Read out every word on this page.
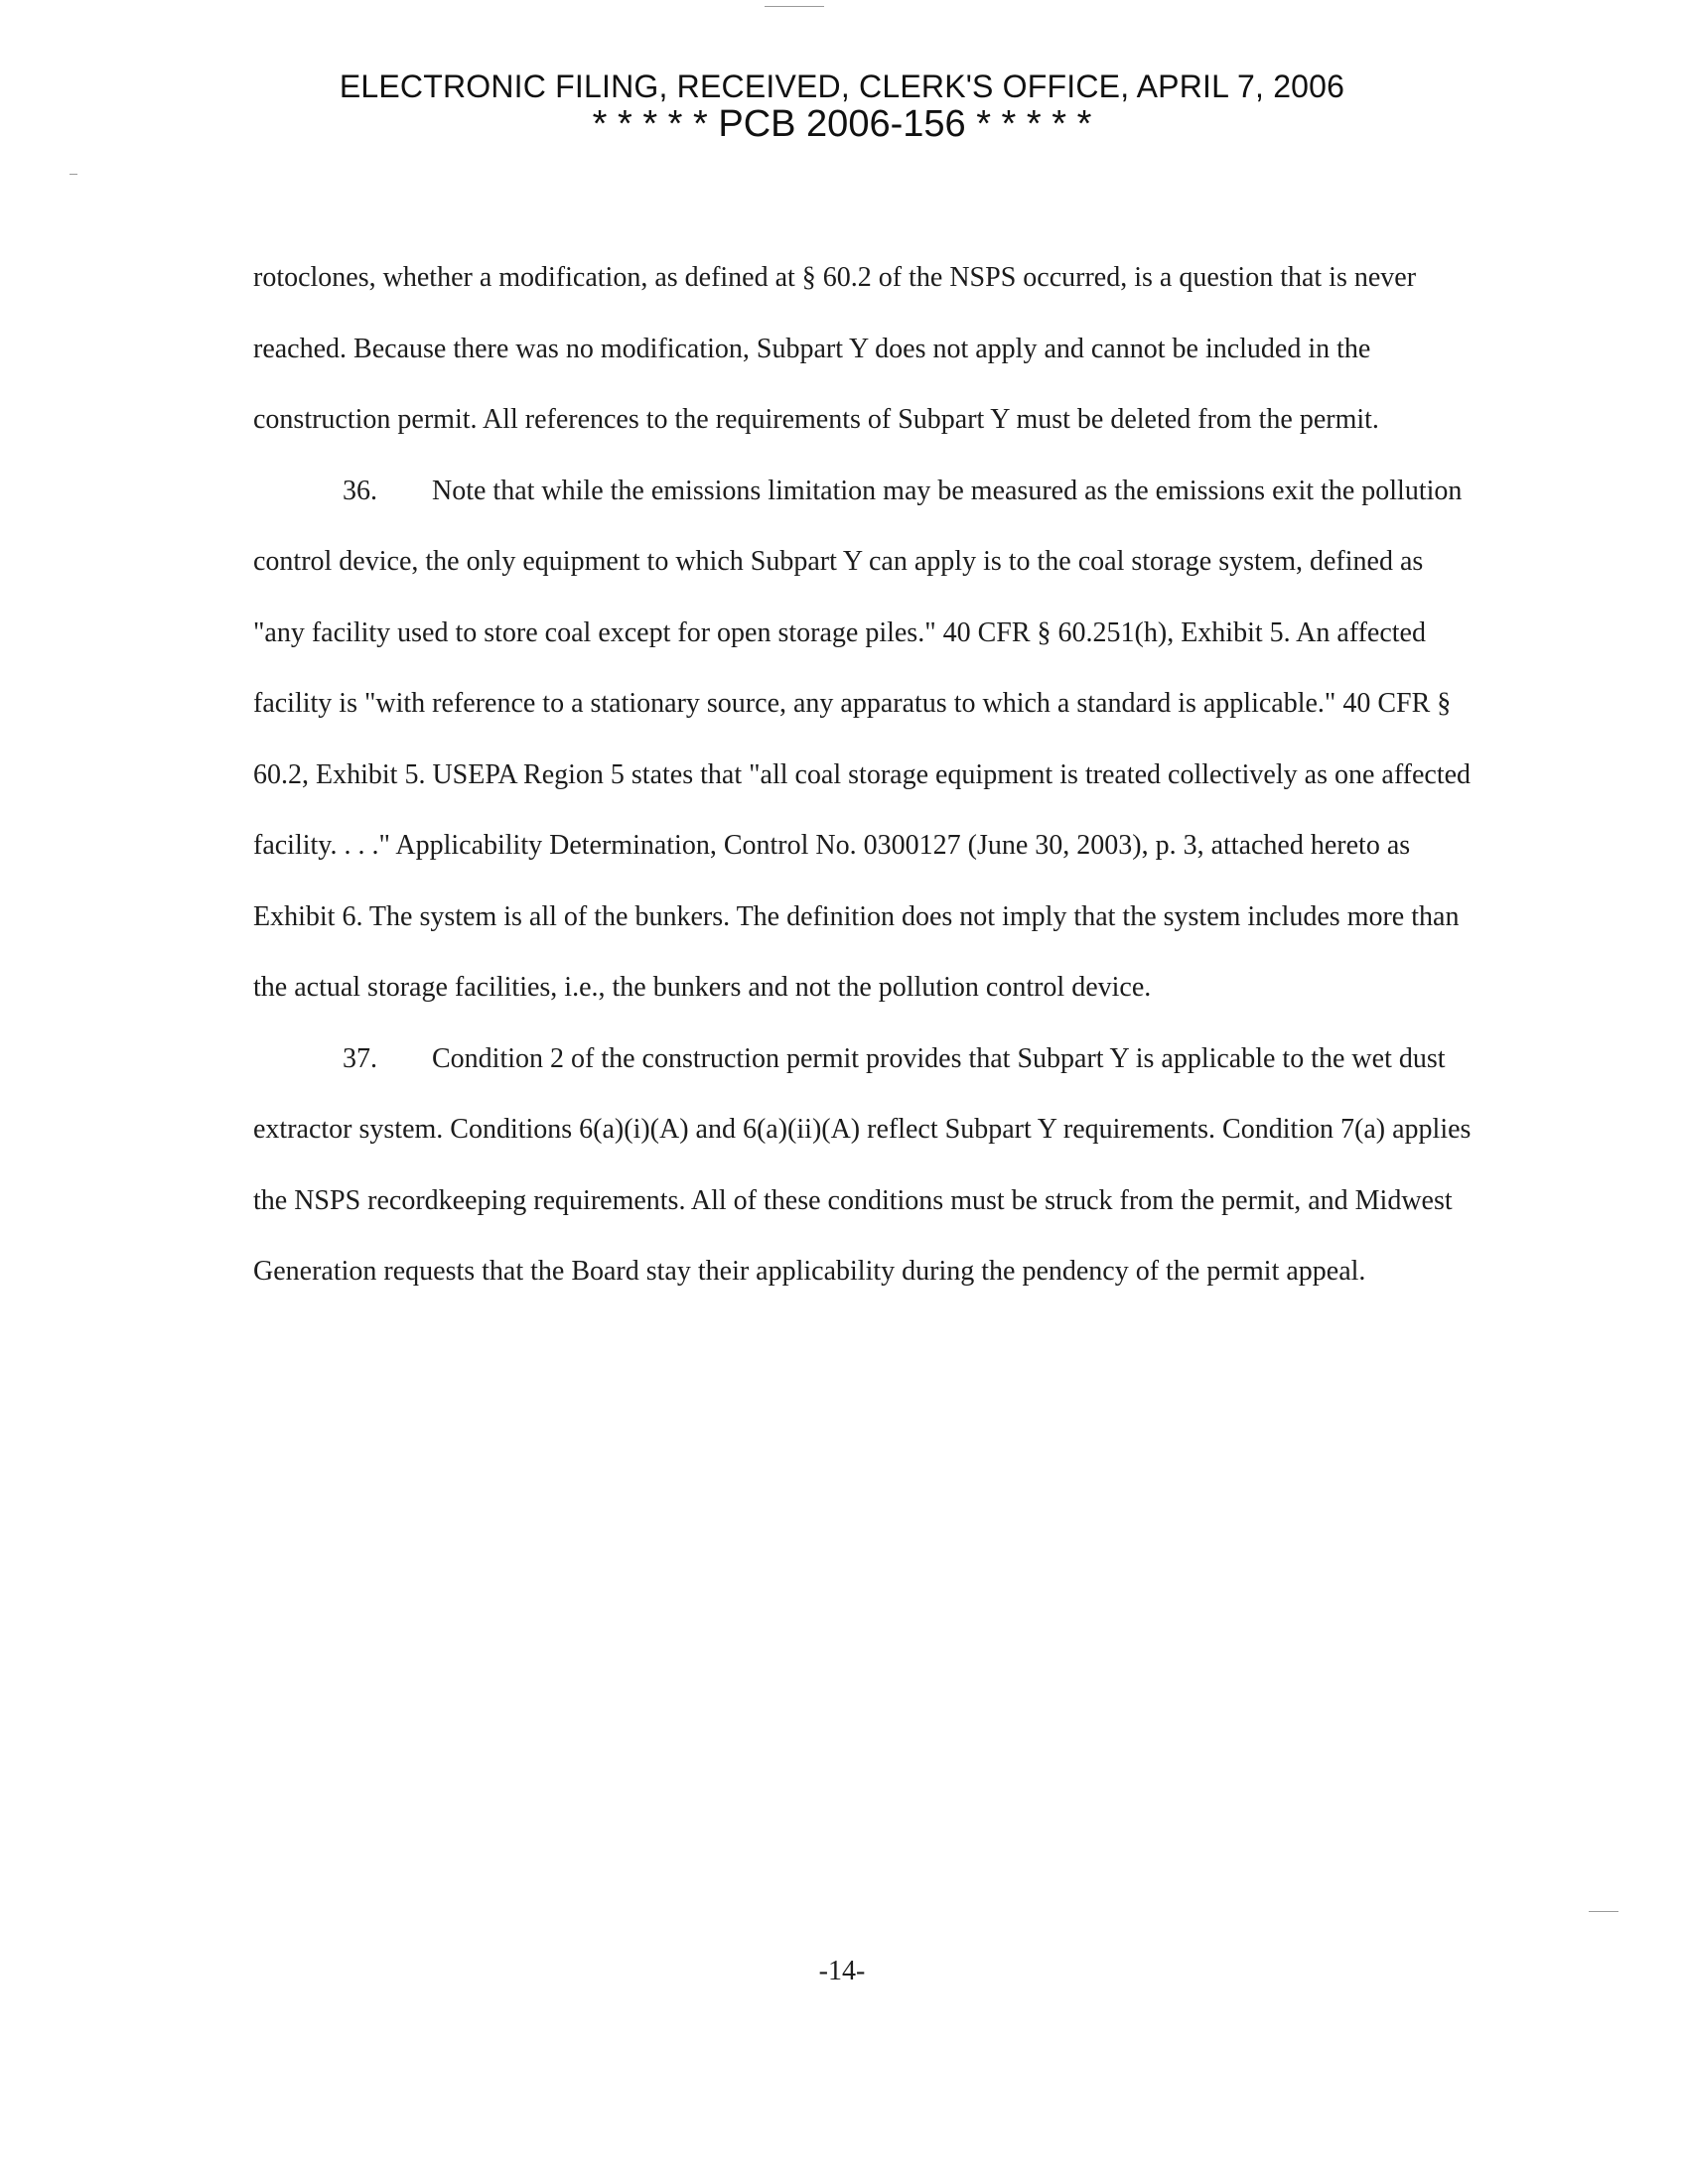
ELECTRONIC FILING, RECEIVED, CLERK'S OFFICE, APRIL 7, 2006
* * * * * PCB 2006-156 * * * * *

rotoclones, whether a modification, as defined at § 60.2 of the NSPS occurred, is a question that is never reached. Because there was no modification, Subpart Y does not apply and cannot be included in the construction permit. All references to the requirements of Subpart Y must be deleted from the permit.

36. Note that while the emissions limitation may be measured as the emissions exit the pollution control device, the only equipment to which Subpart Y can apply is to the coal storage system, defined as "any facility used to store coal except for open storage piles." 40 CFR § 60.251(h), Exhibit 5. An affected facility is "with reference to a stationary source, any apparatus to which a standard is applicable." 40 CFR § 60.2, Exhibit 5. USEPA Region 5 states that "all coal storage equipment is treated collectively as one affected facility. . . ." Applicability Determination, Control No. 0300127 (June 30, 2003), p. 3, attached hereto as Exhibit 6. The system is all of the bunkers. The definition does not imply that the system includes more than the actual storage facilities, i.e., the bunkers and not the pollution control device.

37. Condition 2 of the construction permit provides that Subpart Y is applicable to the wet dust extractor system. Conditions 6(a)(i)(A) and 6(a)(ii)(A) reflect Subpart Y requirements. Condition 7(a) applies the NSPS recordkeeping requirements. All of these conditions must be struck from the permit, and Midwest Generation requests that the Board stay their applicability during the pendency of the permit appeal.

-14-
